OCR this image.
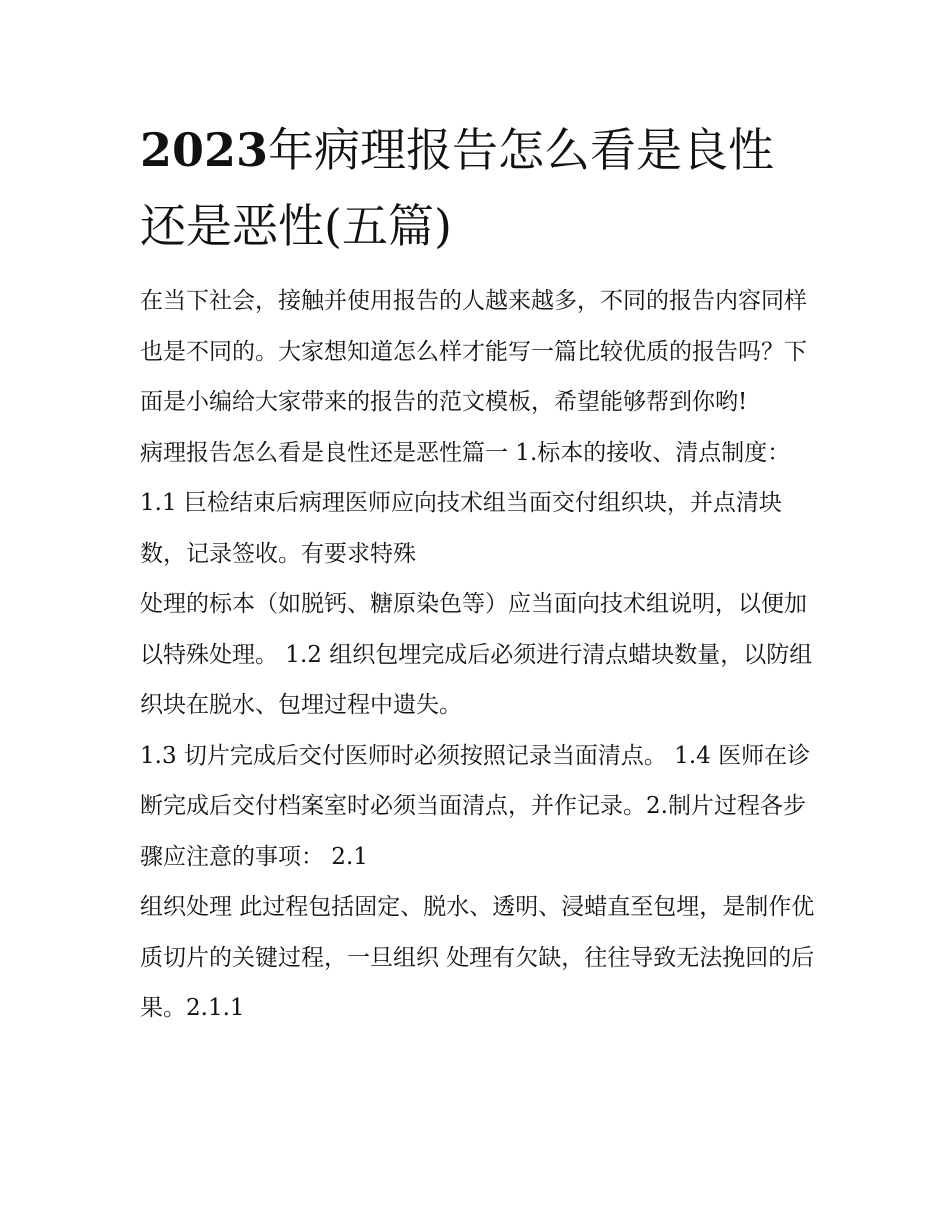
2023年病理报告怎么看是良性还是恶性(五篇)

在当下社会，接触并使用报告的人越来越多，不同的报告内容同样也是不同的。大家想知道怎么样才能写一篇比较优质的报告吗？下面是小编给大家带来的报告的范文模板，希望能够帮到你哟!

病理报告怎么看是良性还是恶性篇一 1.标本的接收、清点制度： 1.1 巨检结束后病理医师应向技术组当面交付组织块，并点清块数，记录签收。有要求特殊

处理的标本（如脱钙、糖原染色等）应当面向技术组说明，以便加以特殊处理。 1.2 组织包埋完成后必须进行清点蜡块数量，以防组织块在脱水、包埋过程中遗失。

1.3 切片完成后交付医师时必须按照记录当面清点。 1.4 医师在诊断完成后交付档案室时必须当面清点，并作记录。2.制片过程各步骤应注意的事项： 2.1

组织处理 此过程包括固定、脱水、透明、浸蜡直至包埋，是制作优质切片的关键过程，一旦组织 处理有欠缺，往往导致无法挽回的后果。2.1.1
